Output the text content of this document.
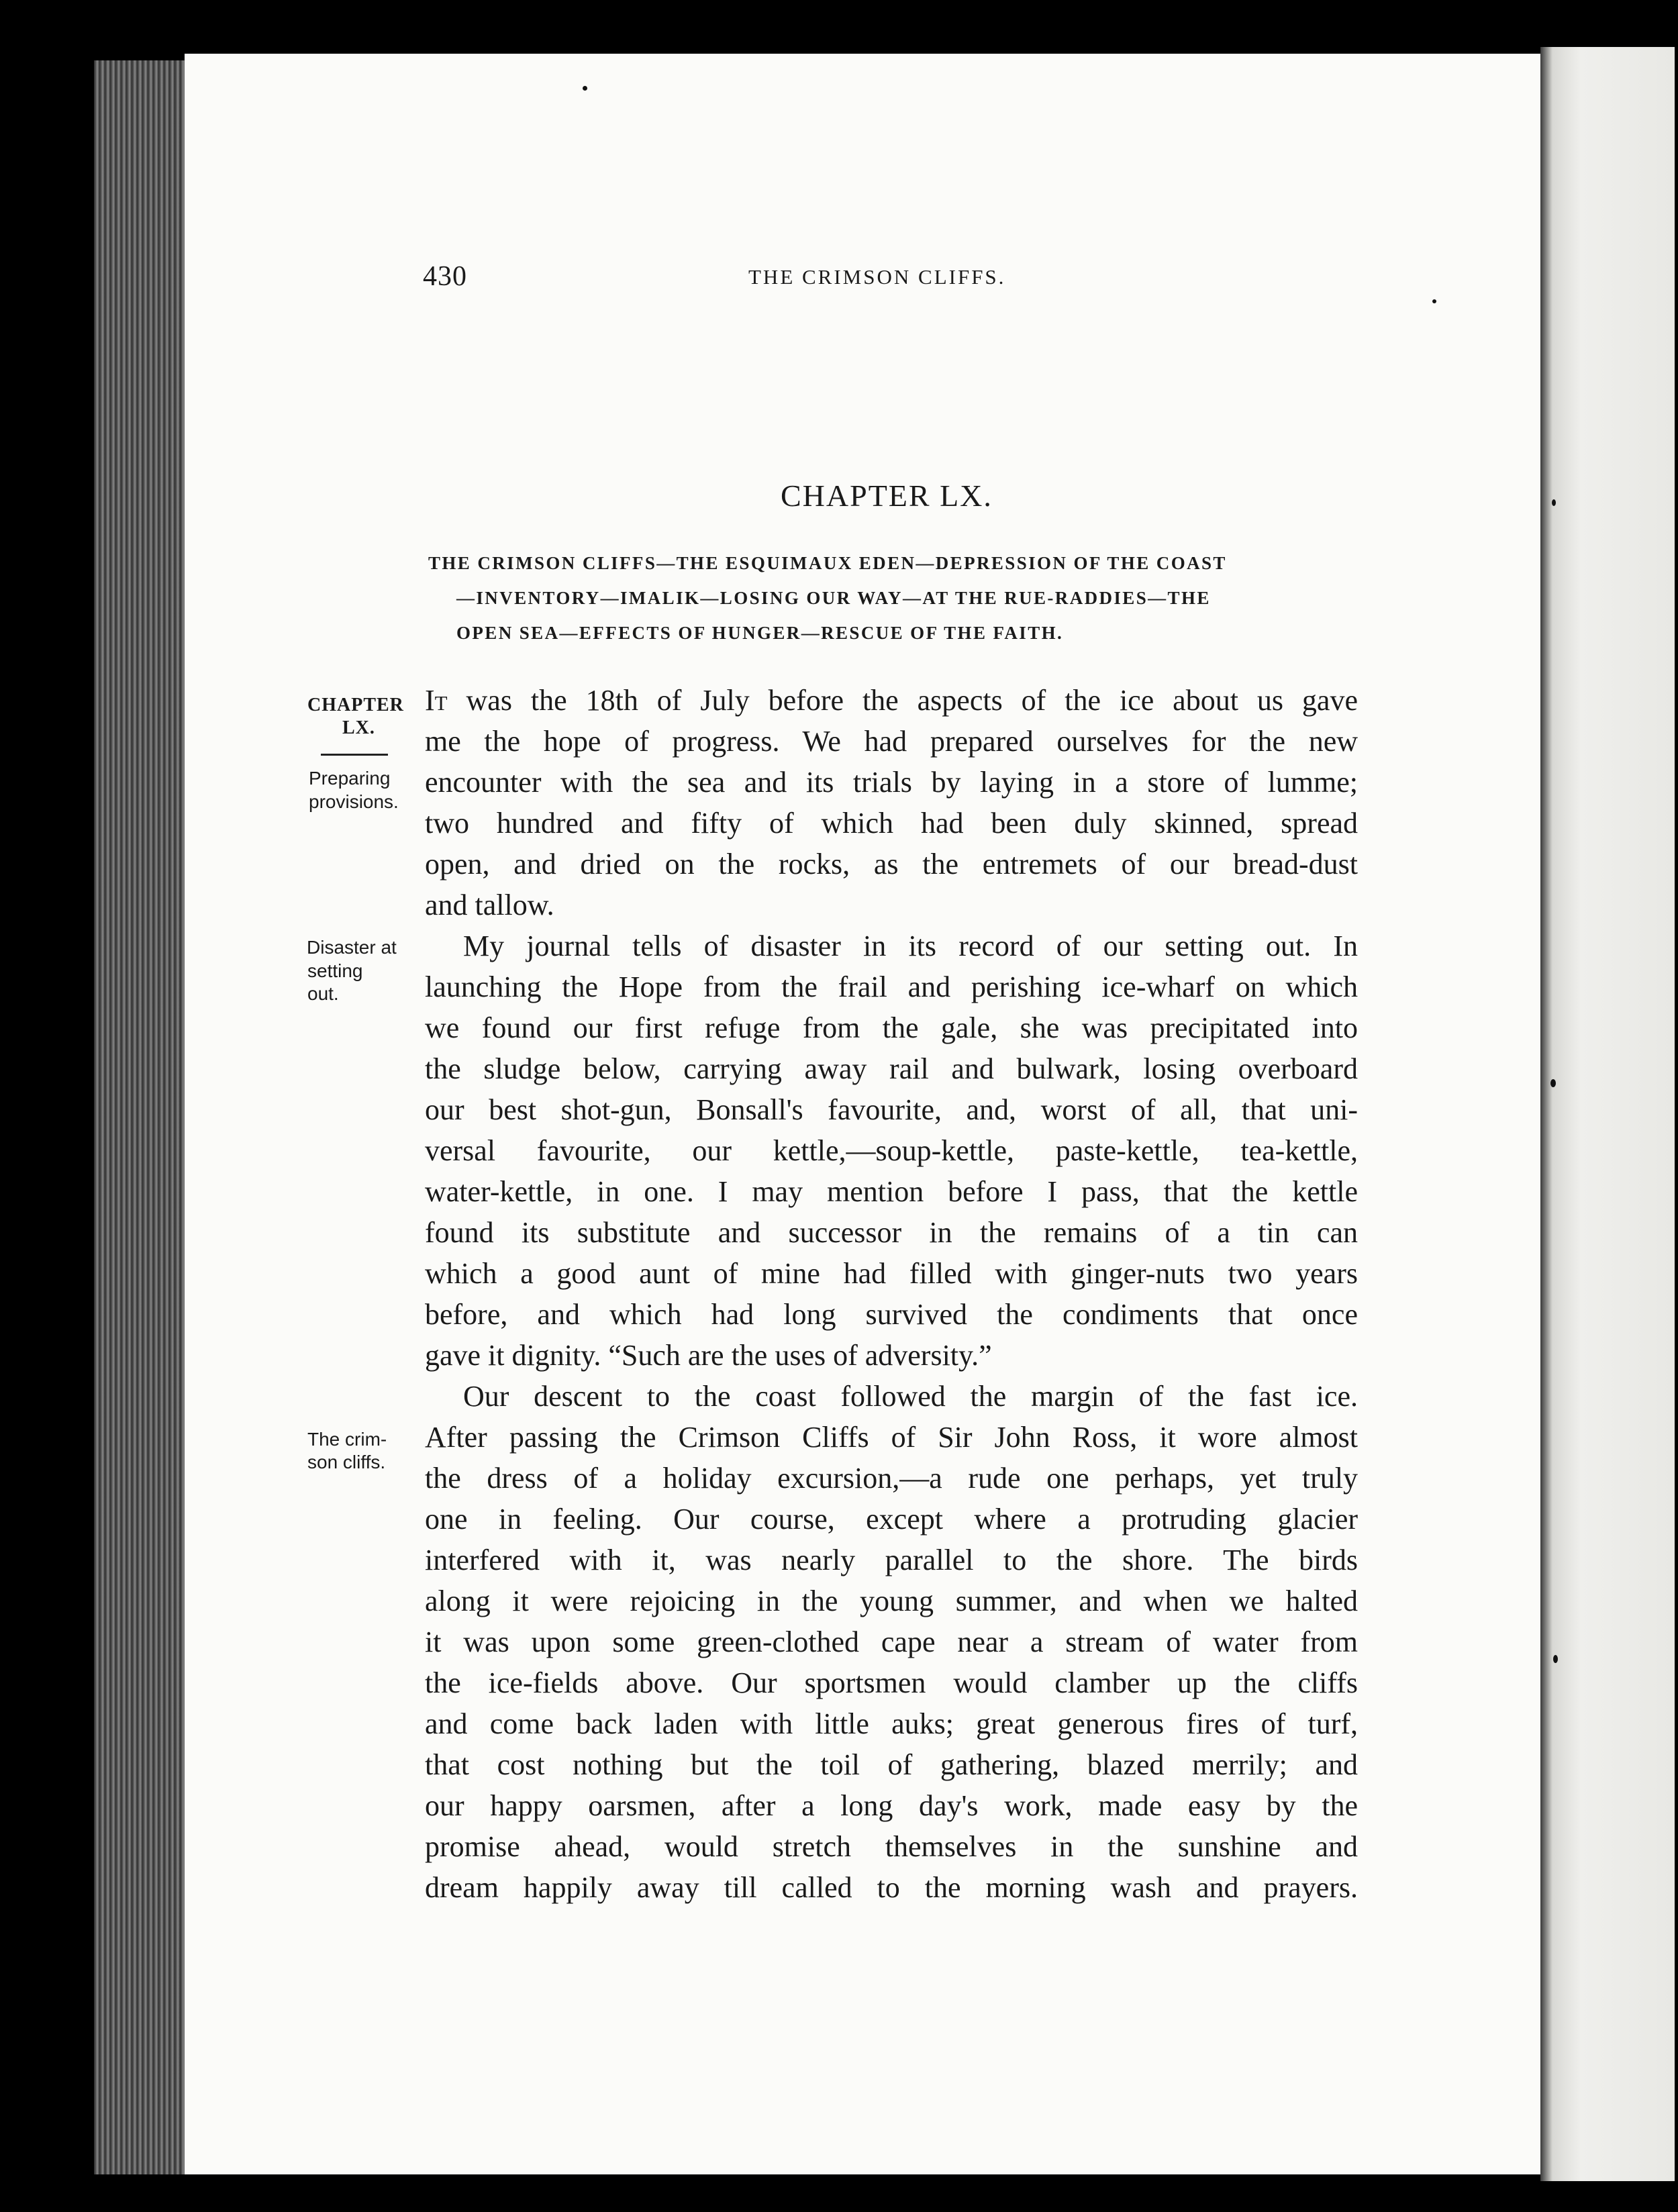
430	THE CRIMSON CLIFFS.
CHAPTER LX.
THE CRIMSON CLIFFS—THE ESQUIMAUX EDEN—DEPRESSION OF THE COAST
—INVENTORY—IMALIK—LOSING OUR WAY—AT THE RUE-RADDIES—THE
OPEN SEA—EFFECTS OF HUNGER—RESCUE OF THE FAITH.
CHAPTER
LX.
Preparing
provisions.
Disaster at
setting
out.
The crim-
son cliffs.
It was the 18th of July before the aspects of the ice about us gave
me the hope of progress. We had prepared ourselves for the new
encounter with the sea and its trials by laying in a store of lumme;
two hundred and fifty of which had been duly skinned, spread
open, and dried on the rocks, as the entremets of our bread-dust
and tallow.
My journal tells of disaster in its record of our setting out. In
launching the Hope from the frail and perishing ice-wharf on which
we found our first refuge from the gale, she was precipitated into
the sludge below, carrying away rail and bulwark, losing overboard
our best shot-gun, Bonsall's favourite, and, worst of all, that uni-
versal favourite, our kettle,—soup-kettle, paste-kettle, tea-kettle,
water-kettle, in one. I may mention before I pass, that the kettle
found its substitute and successor in the remains of a tin can
which a good aunt of mine had filled with ginger-nuts two years
before, and which had long survived the condiments that once
gave it dignity. “Such are the uses of adversity.”
Our descent to the coast followed the margin of the fast ice.
After passing the Crimson Cliffs of Sir John Ross, it wore almost
the dress of a holiday excursion,—a rude one perhaps, yet truly
one in feeling. Our course, except where a protruding glacier
interfered with it, was nearly parallel to the shore. The birds
along it were rejoicing in the young summer, and when we halted
it was upon some green-clothed cape near a stream of water from
the ice-fields above. Our sportsmen would clamber up the cliffs
and come back laden with little auks; great generous fires of turf,
that cost nothing but the toil of gathering, blazed merrily; and
our happy oarsmen, after a long day's work, made easy by the
promise ahead, would stretch themselves in the sunshine and
dream happily away till called to the morning wash and prayers.
